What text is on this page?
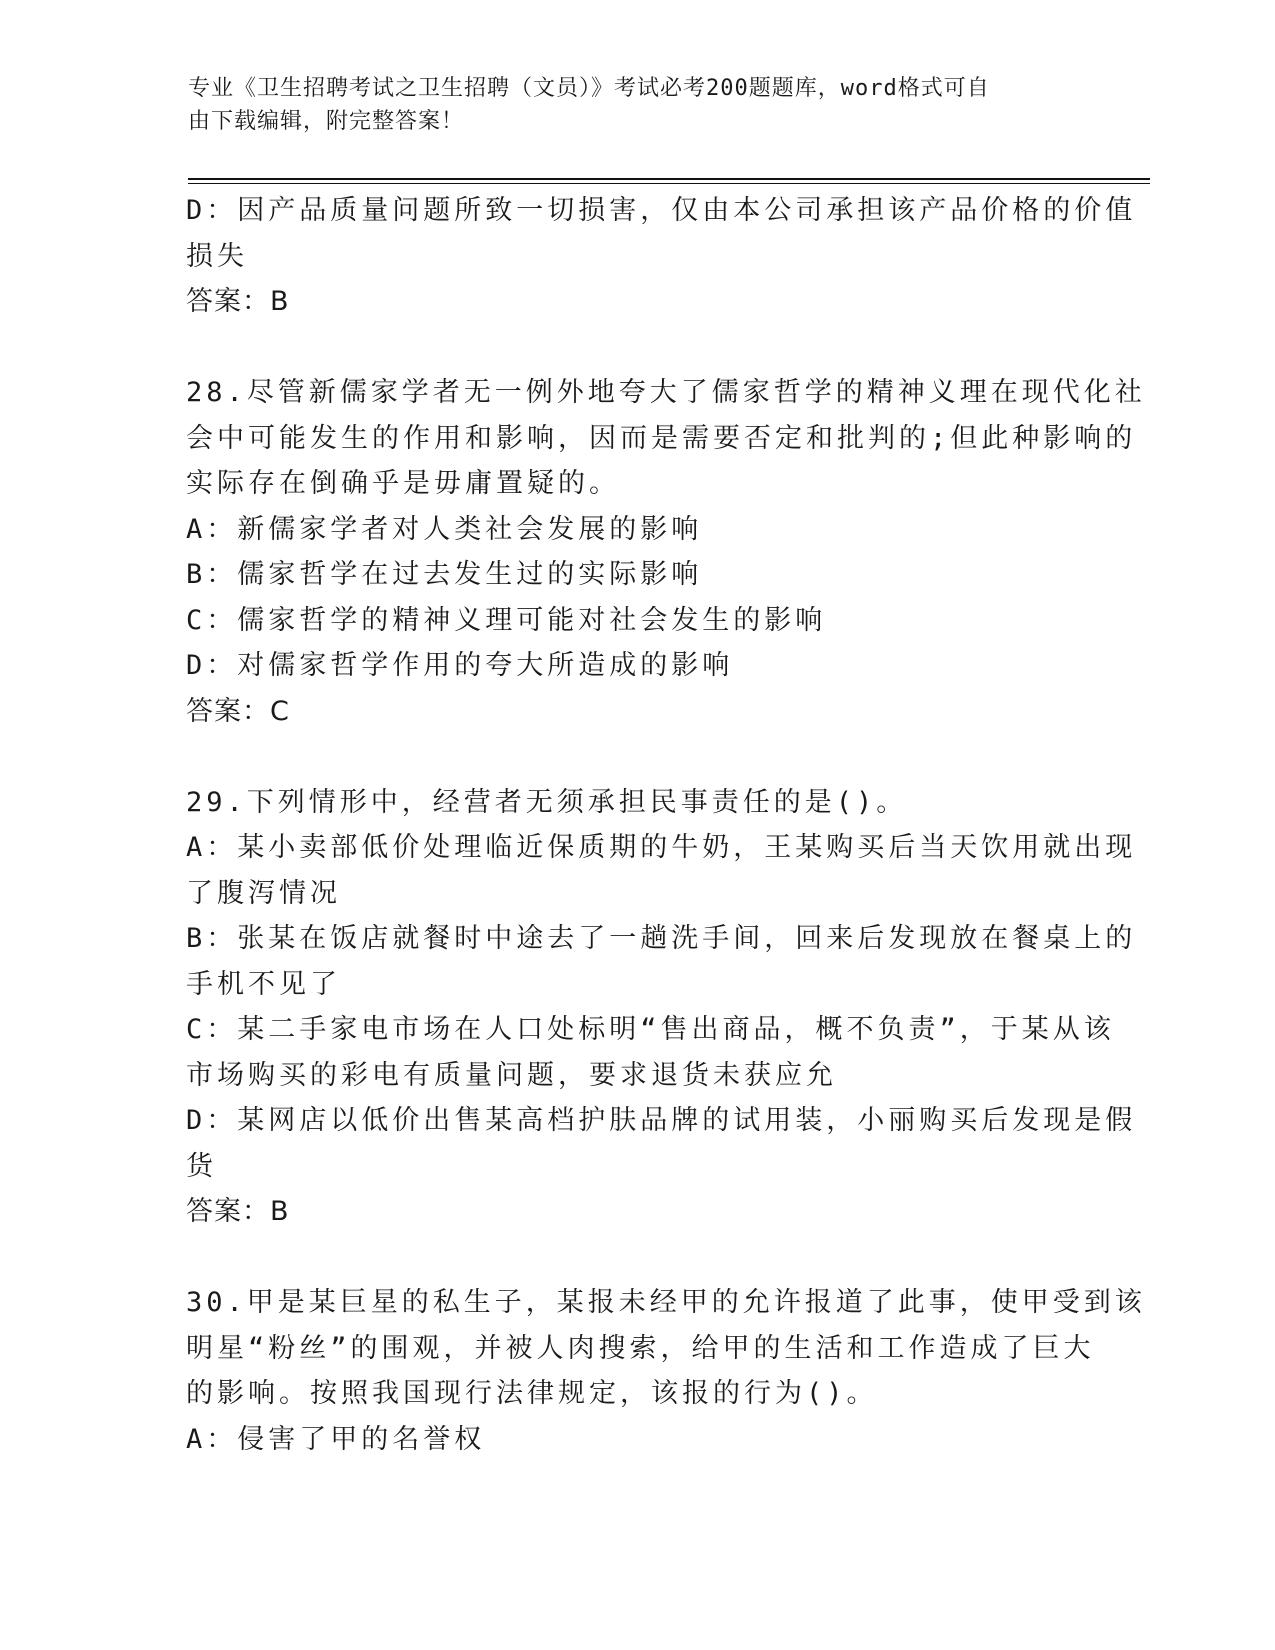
专业《卫生招聘考试之卫生招聘（文员）》考试必考200题题库，word格式可自
由下载编辑，附完整答案！
D：因产品质量问题所致一切损害，仅由本公司承担该产品价格的价值
损失
答案：B
28.尽管新儒家学者无一例外地夸大了儒家哲学的精神义理在现代化社
会中可能发生的作用和影响，因而是需要否定和批判的;但此种影响的
实际存在倒确乎是毋庸置疑的。
A：新儒家学者对人类社会发展的影响
B：儒家哲学在过去发生过的实际影响
C：儒家哲学的精神义理可能对社会发生的影响
D：对儒家哲学作用的夸大所造成的影响
答案：C
29.下列情形中，经营者无须承担民事责任的是()。
A：某小卖部低价处理临近保质期的牛奶，王某购买后当天饮用就出现
了腹泻情况
B：张某在饭店就餐时中途去了一趟洗手间，回来后发现放在餐桌上的
手机不见了
C：某二手家电市场在人口处标明“售出商品，概不负责”，于某从该
市场购买的彩电有质量问题，要求退货未获应允
D：某网店以低价出售某高档护肤品牌的试用装，小丽购买后发现是假
货
答案：B
30.甲是某巨星的私生子，某报未经甲的允许报道了此事，使甲受到该
明星“粉丝”的围观，并被人肉搜索，给甲的生活和工作造成了巨大
的影响。按照我国现行法律规定，该报的行为()。
A：侵害了甲的名誉权
